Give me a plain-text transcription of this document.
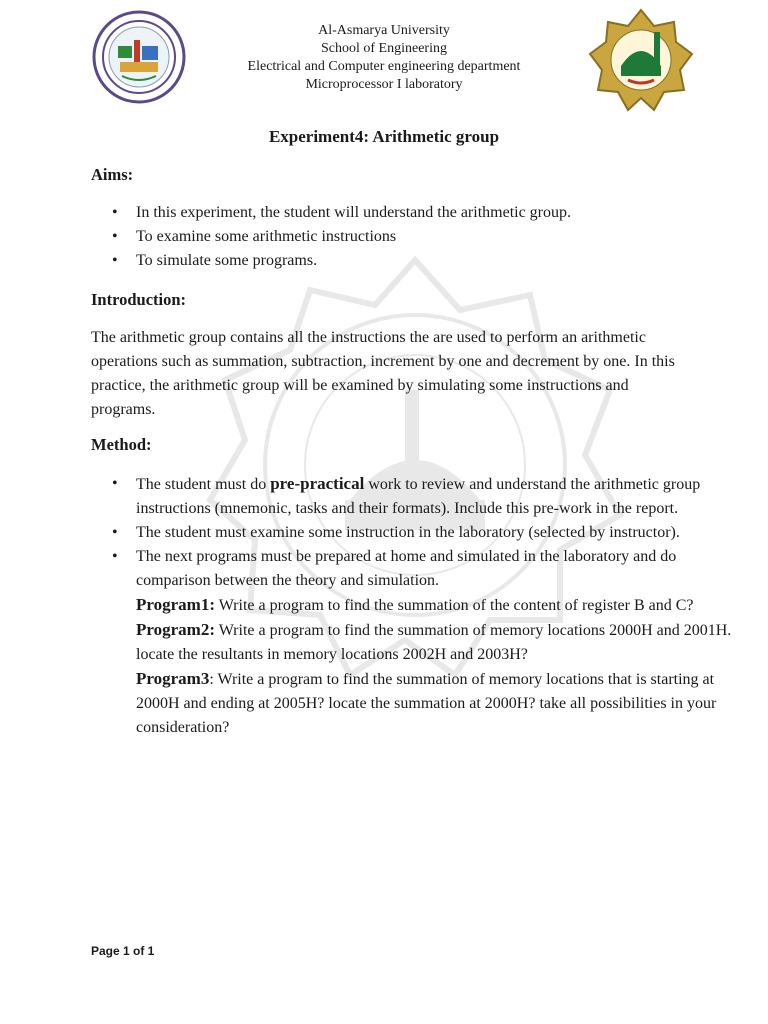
Al-Asmarya University
School of Engineering
Electrical and Computer engineering department
Microprocessor I laboratory
Experiment4: Arithmetic group
Aims:
• In this experiment, the student will understand the arithmetic group.
• To examine some arithmetic instructions
• To simulate some programs.
Introduction:
The arithmetic group contains all the instructions the are used to perform an arithmetic operations such as summation, subtraction, increment by one and decrement by one. In this practice, the arithmetic group will be examined by simulating some instructions and programs.
Method:
• The student must do pre-practical work to review and understand the arithmetic group instructions (mnemonic, tasks and their formats). Include this pre-work in the report.
• The student must examine some instruction in the laboratory (selected by instructor).
• The next programs must be prepared at home and simulated in the laboratory and do comparison between the theory and simulation.
Program1: Write a program to find the summation of the content of register B and C?
Program2: Write a program to find the summation of memory locations 2000H and 2001H. locate the resultants in memory locations 2002H and 2003H?
Program3: Write a program to find the summation of memory locations that is starting at 2000H and ending at 2005H? locate the summation at 2000H? take all possibilities in your consideration?
Page 1 of 1
